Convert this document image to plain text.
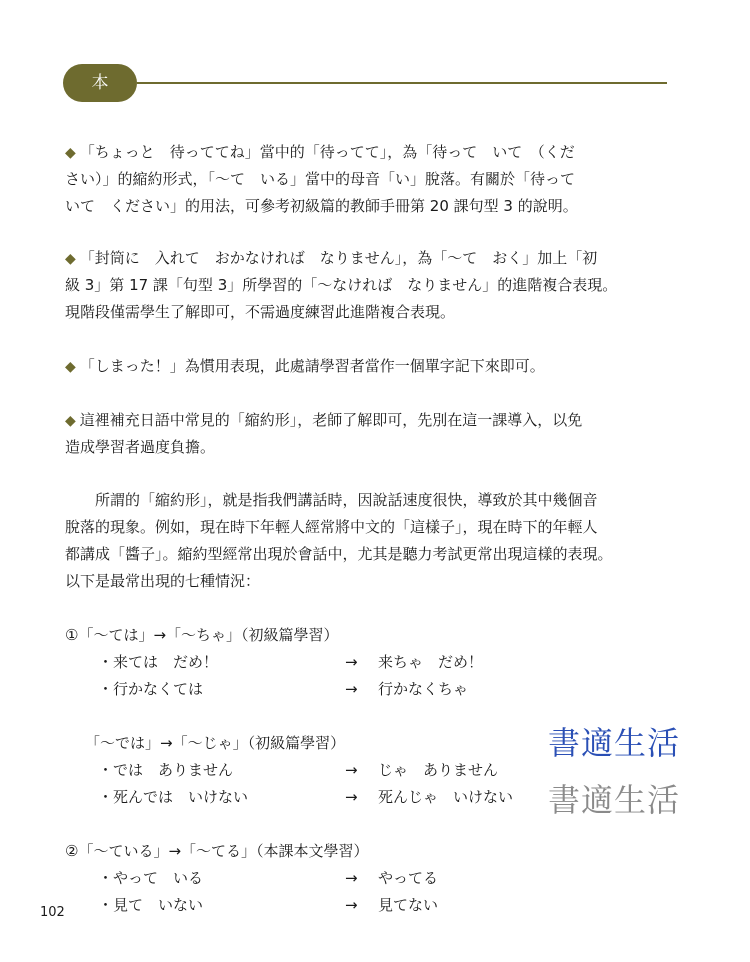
本 文
◆ 「ちょっと　待っててね」當中的「待ってて」，為「待って　いて　（くだ
さい）」的縮約形式，「〜て　いる」當中的母音「い」脫落。有關於「待って
いて　ください」的用法，可參考初級篇的教師手冊第 20 課句型 3 的說明。
◆ 「封筒に　入れて　おかなければ　なりません」，為「〜て　おく」加上「初
級 3」第 17 課「句型 3」所學習的「〜なければ　なりません」的進階複合表現。
現階段僅需學生了解即可，不需過度練習此進階複合表現。
◆ 「しまった！」為慣用表現，此處請學習者當作一個單字記下來即可。
◆ 這裡補充日語中常見的「縮約形」，老師了解即可，先別在這一課導入，以免
造成學習者過度負擔。
所謂的「縮約形」，就是指我們講話時，因說話速度很快，導致於其中幾個音
脫落的現象。例如，現在時下年輕人經常將中文的「這樣子」，現在時下的年輕人
都講成「醬子」。縮約型經常出現於會話中，尤其是聽力考試更常出現這樣的表現。
以下是最常出現的七種情況：
①「〜ては」→「〜ちゃ」（初級篇學習）
・来ては　だめ！	→ 来ちゃ　だめ！
・行かなくては	→ 行かなくちゃ
「〜では」→「〜じゃ」（初級篇學習）
・では　ありません	→ じゃ　ありません
・死んでは　いけない	→ 死んじゃ　いけない
②「〜ている」→「〜てる」（本課本文學習）
・やって　いる	→ やってる
・見て　いない	→ 見てない
書適生活
書適生活
102
